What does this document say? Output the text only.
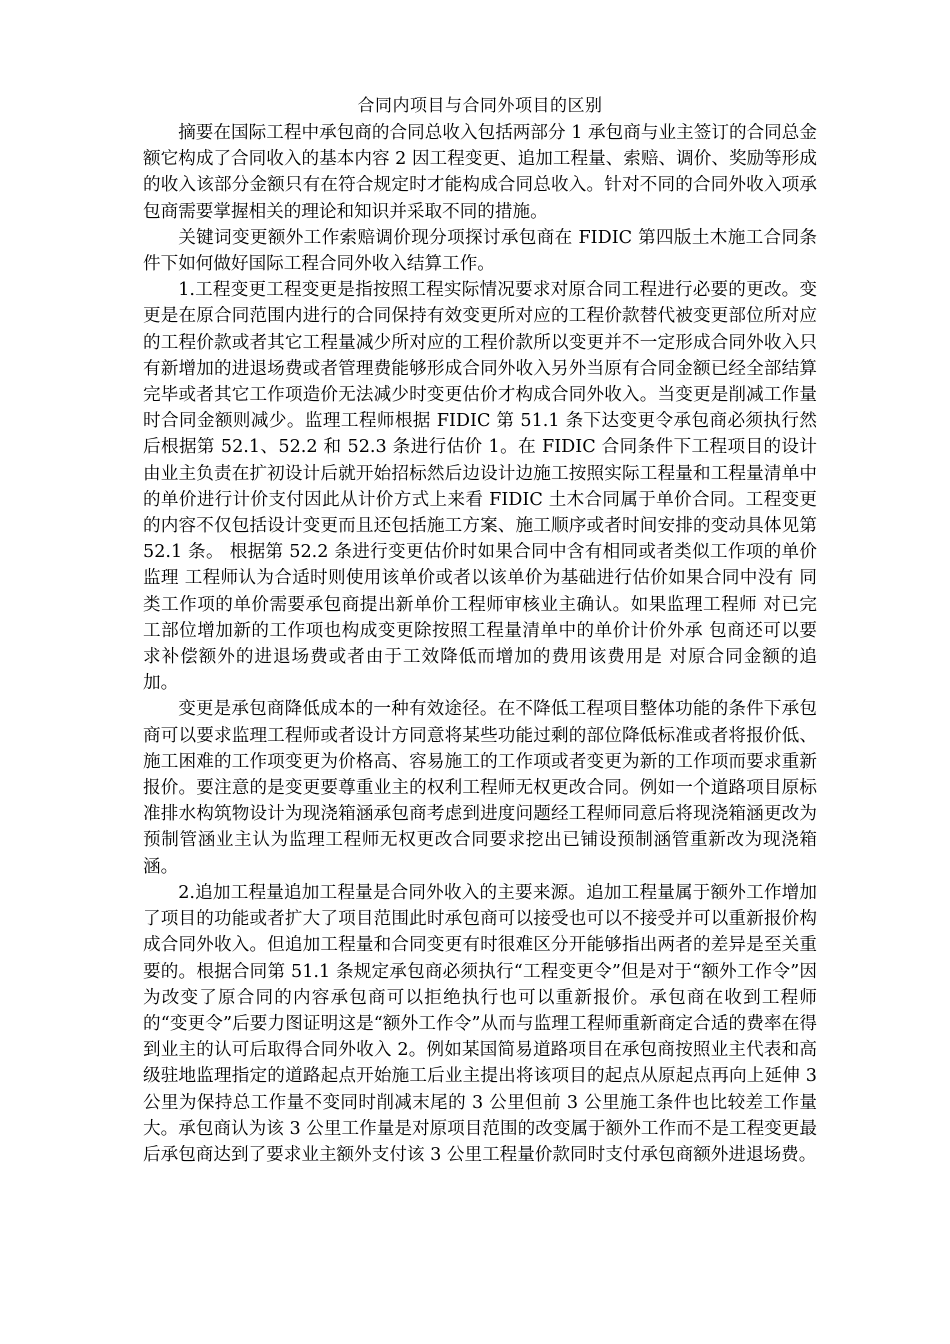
合同内项目与合同外项目的区别

摘要在国际工程中承包商的合同总收入包括两部分 1 承包商与业主签订的合同总金额它构成了合同收入的基本内容 2 因工程变更、追加工程量、索赔、调价、奖励等形成的收入该部分金额只有在符合规定时才能构成合同总收入。针对不同的合同外收入项承包商需要掌握相关的理论和知识并采取不同的措施。

关键词变更额外工作索赔调价现分项探讨承包商在 FIDIC 第四版土木施工合同条件下如何做好国际工程合同外收入结算工作。

1.工程变更工程变更是指按照工程实际情况要求对原合同工程进行必要的更改。变更是在原合同范围内进行的合同保持有效变更所对应的工程价款替代被变更部位所对应的工程价款或者其它工程量减少所对应的工程价款所以变更并不一定形成合同外收入只有新增加的进退场费或者管理费能够形成合同外收入另外当原有合同金额已经全部结算完毕或者其它工作项造价无法减少时变更估价才构成合同外收入。当变更是削减工作量时合同金额则减少。监理工程师根据 FIDIC 第 51.1 条下达变更令承包商必须执行然后根据第 52.1、52.2 和 52.3 条进行估价 1。在 FIDIC 合同条件下工程项目的设计由业主负责在扩初设计后就开始招标然后边设计边施工按照实际工程量和工程量清单中的单价进行计价支付因此从计价方式上来看 FIDIC 土木合同属于单价合同。工程变更的内容不仅包括设计变更而且还包括施工方案、施工顺序或者时间安排的变动具体见第 52.1 条。 根据第 52.2 条进行变更估价时如果合同中含有相同或者类似工作项的单价监理 工程师认为合适时则使用该单价或者以该单价为基础进行估价如果合同中没有 同类工作项的单价需要承包商提出新单价工程师审核业主确认。如果监理工程师 对已完工部位增加新的工作项也构成变更除按照工程量清单中的单价计价外承 包商还可以要求补偿额外的进退场费或者由于工效降低而增加的费用该费用是 对原合同金额的追加。

变更是承包商降低成本的一种有效途径。在不降低工程项目整体功能的条件下承包商可以要求监理工程师或者设计方同意将某些功能过剩的部位降低标准或者将报价低、施工困难的工作项变更为价格高、容易施工的工作项或者变更为新的工作项而要求重新报价。要注意的是变更要尊重业主的权利工程师无权更改合同。例如一个道路项目原标准排水构筑物设计为现浇箱涵承包商考虑到进度问题经工程师同意后将现浇箱涵更改为预制管涵业主认为监理工程师无权更改合同要求挖出已铺设预制涵管重新改为现浇箱涵。

2.追加工程量追加工程量是合同外收入的主要来源。追加工程量属于额外工作增加了项目的功能或者扩大了项目范围此时承包商可以接受也可以不接受并可以重新报价构成合同外收入。但追加工程量和合同变更有时很难区分开能够指出两者的差异是至关重要的。根据合同第 51.1 条规定承包商必须执行“工程变更令”但是对于“额外工作令”因为改变了原合同的内容承包商可以拒绝执行也可以重新报价。承包商在收到工程师的“变更令”后要力图证明这是“额外工作令”从而与监理工程师重新商定合适的费率在得到业主的认可后取得合同外收入 2。例如某国简易道路项目在承包商按照业主代表和高级驻地监理指定的道路起点开始施工后业主提出将该项目的起点从原起点再向上延伸 3 公里为保持总工作量不变同时削减末尾的 3 公里但前 3 公里施工条件也比较差工作量大。承包商认为该 3 公里工作量是对原项目范围的改变属于额外工作而不是工程变更最后承包商达到了要求业主额外支付该 3 公里工程量价款同时支付承包商额外进退场费。
